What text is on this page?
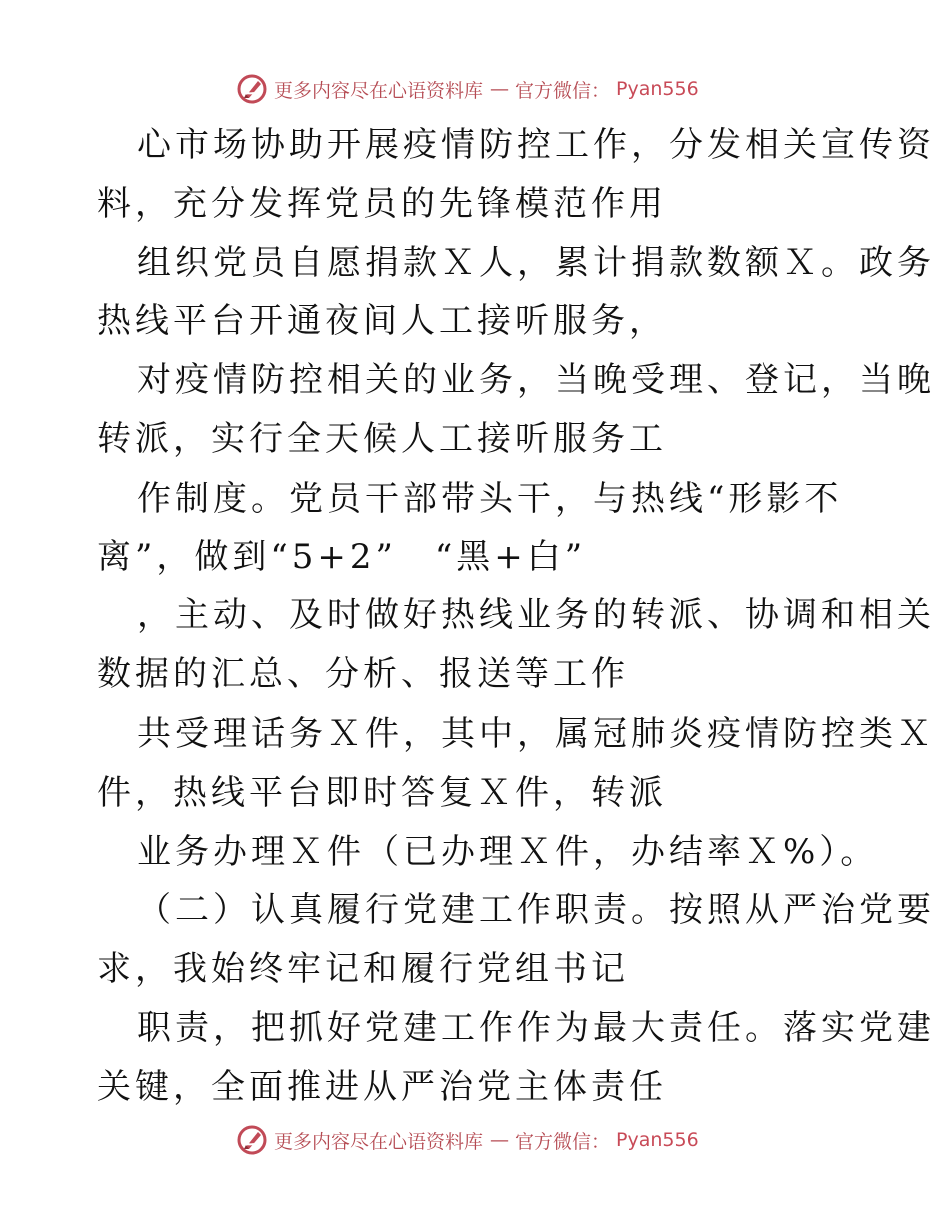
更多内容尽在心语资料库 — 官方微信： Pyan556
心市场协助开展疫情防控工作，分发相关宣传资
料，充分发挥党员的先锋模范作用
组织党员自愿捐款Ｘ人，累计捐款数额Ｘ。政务
热线平台开通夜间人工接听服务，
对疫情防控相关的业务，当晚受理、登记，当晚
转派，实行全天候人工接听服务工
作制度。党员干部带头干，与热线“形影不
离”，做到“5+2”　“黑+白”
，主动、及时做好热线业务的转派、协调和相关
数据的汇总、分析、报送等工作
共受理话务Ｘ件，其中，属冠肺炎疫情防控类Ｘ
件，热线平台即时答复Ｘ件，转派
业务办理Ｘ件（已办理Ｘ件，办结率Ｘ%）。
（二）认真履行党建工作职责。按照从严治党要
求，我始终牢记和履行党组书记
职责，把抓好党建工作作为最大责任。落实党建
关键，全面推进从严治党主体责任
更多内容尽在心语资料库 — 官方微信： Pyan556
